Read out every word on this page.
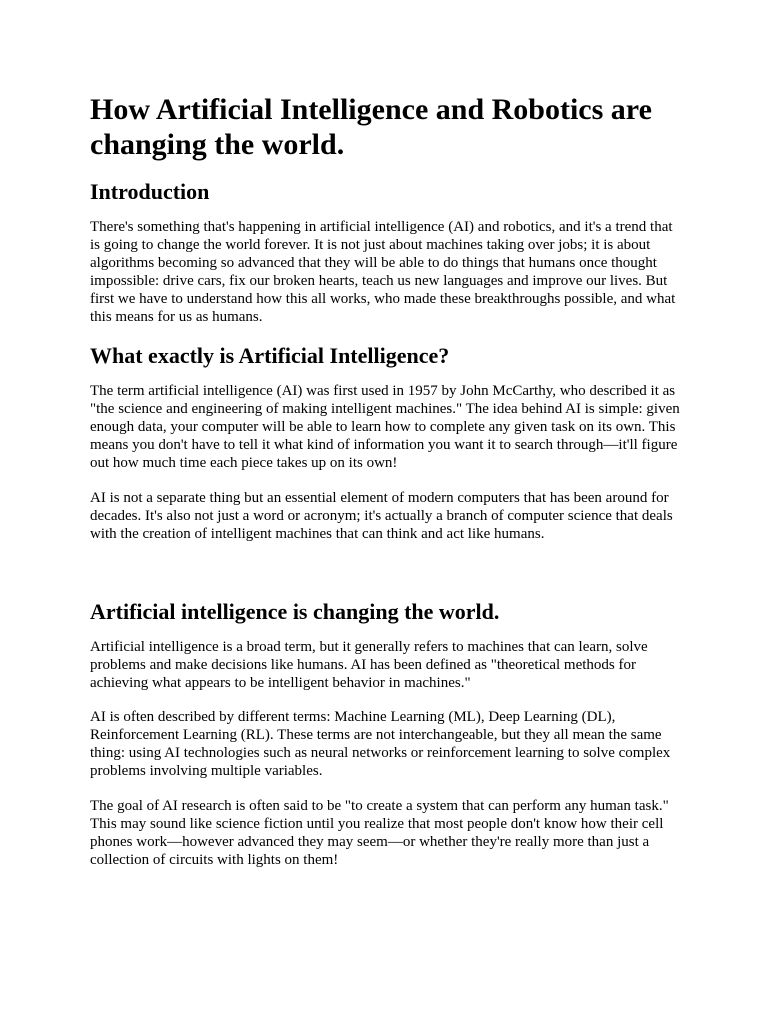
How Artificial Intelligence and Robotics are changing the world.
Introduction

There's something that's happening in artificial intelligence (AI) and robotics, and it's a trend that is going to change the world forever. It is not just about machines taking over jobs; it is about algorithms becoming so advanced that they will be able to do things that humans once thought impossible: drive cars, fix our broken hearts, teach us new languages and improve our lives. But first we have to understand how this all works, who made these breakthroughs possible, and what this means for us as humans.

What exactly is Artificial Intelligence?

The term artificial intelligence (AI) was first used in 1957 by John McCarthy, who described it as "the science and engineering of making intelligent machines." The idea behind AI is simple: given enough data, your computer will be able to learn how to complete any given task on its own. This means you don't have to tell it what kind of information you want it to search through—it'll figure out how much time each piece takes up on its own!

AI is not a separate thing but an essential element of modern computers that has been around for decades. It's also not just a word or acronym; it's actually a branch of computer science that deals with the creation of intelligent machines that can think and act like humans.

Artificial intelligence is changing the world.

Artificial intelligence is a broad term, but it generally refers to machines that can learn, solve problems and make decisions like humans. AI has been defined as "theoretical methods for achieving what appears to be intelligent behavior in machines."

AI is often described by different terms: Machine Learning (ML), Deep Learning (DL), Reinforcement Learning (RL). These terms are not interchangeable, but they all mean the same thing: using AI technologies such as neural networks or reinforcement learning to solve complex problems involving multiple variables.

The goal of AI research is often said to be "to create a system that can perform any human task." This may sound like science fiction until you realize that most people don't know how their cell phones work—however advanced they may seem—or whether they're really more than just a collection of circuits with lights on them!
